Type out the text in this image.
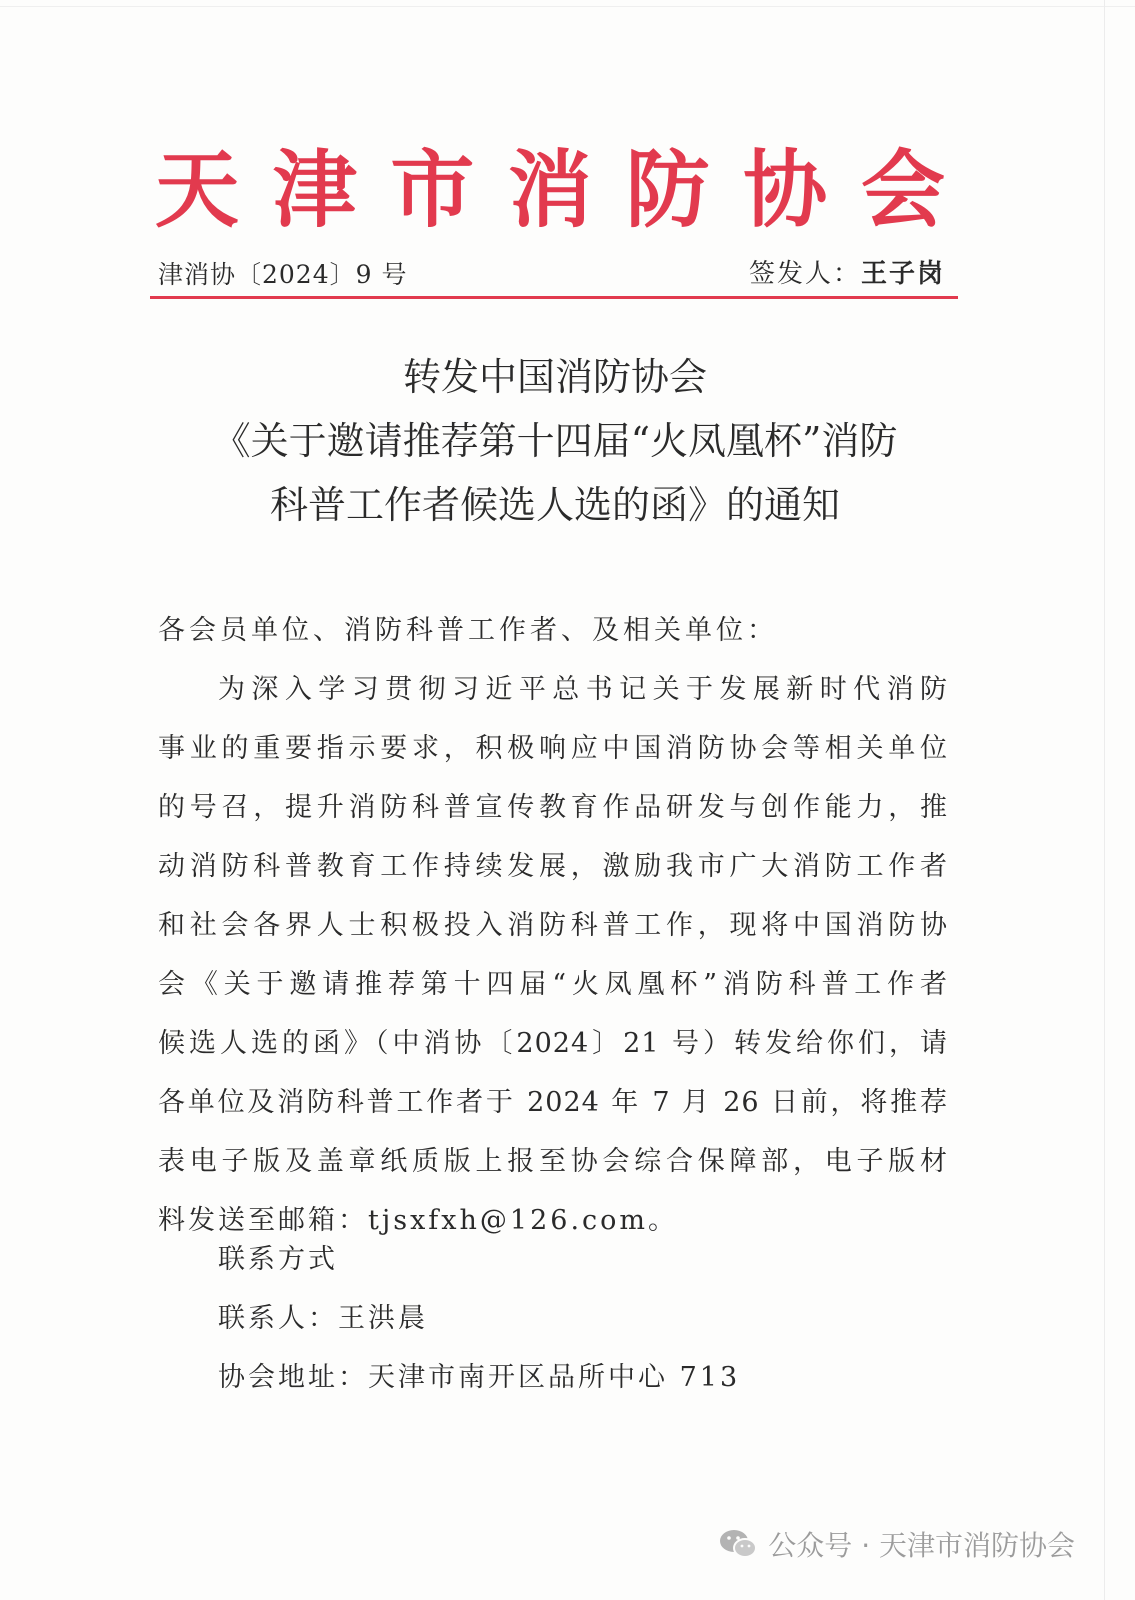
天 津 市 消 防 协 会
津消协〔2024〕9 号	签发人：王子岗
转发中国消防协会
《关于邀请推荐第十四届“火凤凰杯”消防
科普工作者候选人选的函》的通知
各会员单位、消防科普工作者、及相关单位：
为深入学习贯彻习近平总书记关于发展新时代消防
事业的重要指示要求，积极响应中国消防协会等相关单位
的号召，提升消防科普宣传教育作品研发与创作能力，推
动消防科普教育工作持续发展，激励我市广大消防工作者
和社会各界人士积极投入消防科普工作，现将中国消防协
会《关于邀请推荐第十四届“火凤凰杯”消防科普工作者
候选人选的函》（中消协〔2024〕21 号）转发给你们，请
各单位及消防科普工作者于 2024 年 7 月 26 日前，将推荐
表电子版及盖章纸质版上报至协会综合保障部，电子版材
料发送至邮箱：tjsxfxh@126.com。
联系方式
联系人：王洪晨
协会地址：天津市南开区品所中心 713
公众号 · 天津市消防协会
